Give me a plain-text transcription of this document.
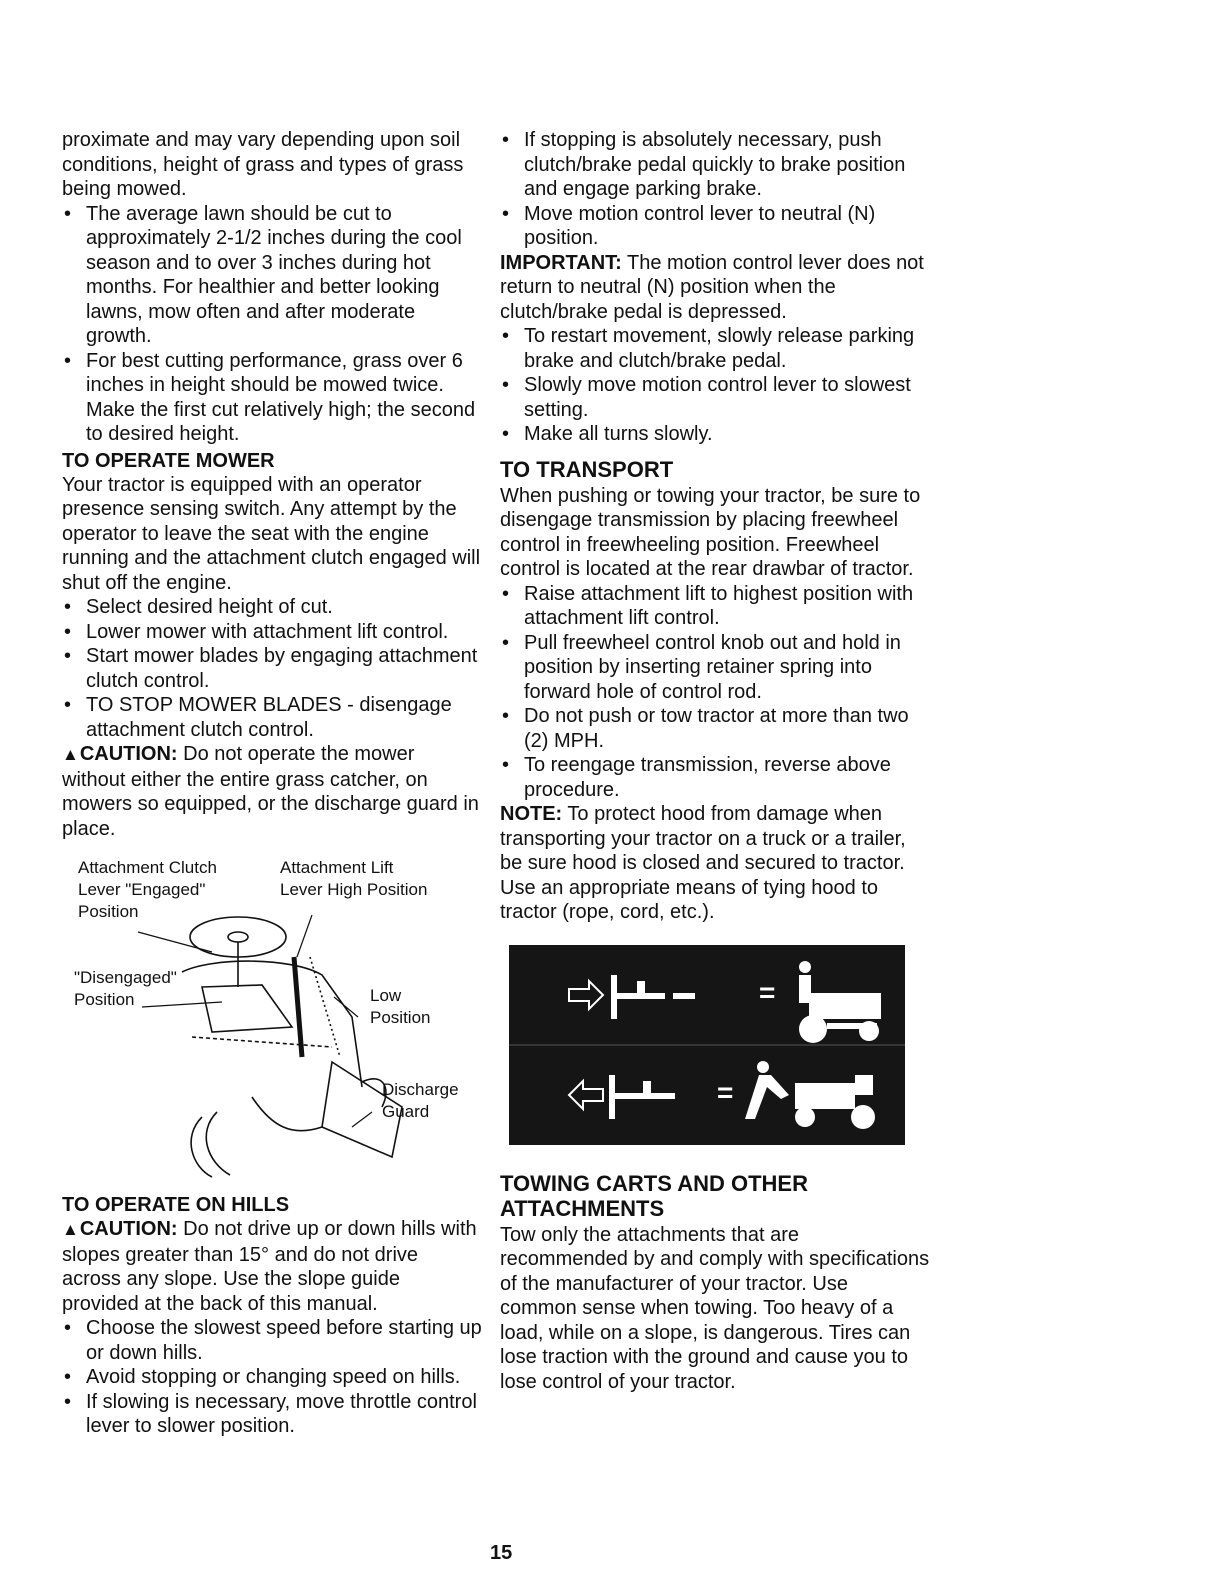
proximate and may vary depending upon soil conditions, height of grass and types of grass being mowed.

• The average lawn should be cut to approximately 2-1/2 inches during the cool season and to over 3 inches during hot months. For healthier and better looking lawns, mow often and after moderate growth.
• For best cutting performance, grass over 6 inches in height should be mowed twice. Make the first cut relatively high; the second to desired height.
TO OPERATE MOWER

Your tractor is equipped with an operator presence sensing switch. Any attempt by the operator to leave the seat with the engine running and the attachment clutch engaged will shut off the engine.

• Select desired height of cut.
• Lower mower with attachment lift control.
• Start mower blades by engaging attachment clutch control.
• TO STOP MOWER BLADES - disengage attachment clutch control.

▲CAUTION: Do not operate the mower without either the entire grass catcher, on mowers so equipped, or the discharge guard in place.

Attachment Clutch
Lever "Engaged"
Position
Attachment Lift
Lever High Position
"Disengaged"
Position	Low
Position
Discharge
Guard
TO OPERATE ON HILLS

▲CAUTION: Do not drive up or down hills with slopes greater than 15° and do not drive across any slope. Use the slope guide provided at the back of this manual.

• Choose the slowest speed before starting up or down hills.
• Avoid stopping or changing speed on hills.
• If slowing is necessary, move throttle control lever to slower position.
• If stopping is absolutely necessary, push clutch/brake pedal quickly to brake position and engage parking brake.
• Move motion control lever to neutral (N) position.

IMPORTANT: The motion control lever does not return to neutral (N) position when the clutch/brake pedal is depressed.

• To restart movement, slowly release parking brake and clutch/brake pedal.
• Slowly move motion control lever to slowest setting.
• Make all turns slowly.
TO TRANSPORT

When pushing or towing your tractor, be sure to disengage transmission by placing freewheel control in freewheeling position. Freewheel control is located at the rear drawbar of tractor.

• Raise attachment lift to highest position with attachment lift control.
• Pull freewheel control knob out and hold in position by inserting retainer spring into forward hole of control rod.
• Do not push or tow tractor at more than two (2) MPH.
• To reengage transmission, reverse above procedure.

NOTE: To protect hood from damage when transporting your tractor on a truck or a trailer, be sure hood is closed and secured to tractor. Use an appropriate means of tying hood to tractor (rope, cord, etc.).

=
=
TOWING CARTS AND OTHER ATTACHMENTS

Tow only the attachments that are recommended by and comply with specifications of the manufacturer of your tractor. Use common sense when towing. Too heavy of a load, while on a slope, is dangerous. Tires can lose traction with the ground and cause you to lose control of your tractor.

15
